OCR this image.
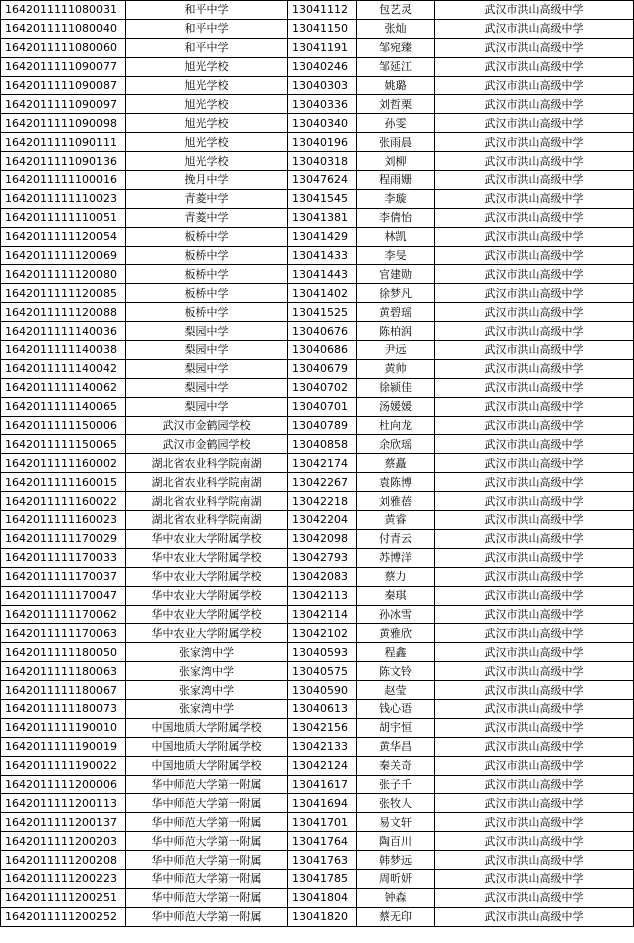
1642011111080031	和平中学	13041112	包艺灵	武汉市洪山高级中学
1642011111080040	和平中学	13041150	张灿	武汉市洪山高级中学
1642011111080060	和平中学	13041191	邹宛臻	武汉市洪山高级中学
1642011111090077	旭光学校	13040246	邹延江	武汉市洪山高级中学
1642011111090087	旭光学校	13040303	姚璐	武汉市洪山高级中学
1642011111090097	旭光学校	13040336	刘哲栗	武汉市洪山高级中学
1642011111090098	旭光学校	13040340	孙雯	武汉市洪山高级中学
1642011111090111	旭光学校	13040196	张雨晨	武汉市洪山高级中学
1642011111090136	旭光学校	13040318	刘柳	武汉市洪山高级中学
1642011111100016	挽月中学	13047624	程雨姗	武汉市洪山高级中学
1642011111110023	青菱中学	13041545	李璇	武汉市洪山高级中学
1642011111110051	青菱中学	13041381	李倩怡	武汉市洪山高级中学
1642011111120054	板桥中学	13041429	林凯	武汉市洪山高级中学
1642011111120069	板桥中学	13041433	李旻	武汉市洪山高级中学
1642011111120080	板桥中学	13041443	官建勋	武汉市洪山高级中学
1642011111120085	板桥中学	13041402	徐梦凡	武汉市洪山高级中学
1642011111120088	板桥中学	13041525	黄碧瑶	武汉市洪山高级中学
1642011111140036	梨园中学	13040676	陈柏润	武汉市洪山高级中学
1642011111140038	梨园中学	13040686	尹远	武汉市洪山高级中学
1642011111140042	梨园中学	13040679	黄帅	武汉市洪山高级中学
1642011111140062	梨园中学	13040702	徐颍佳	武汉市洪山高级中学
1642011111140065	梨园中学	13040701	汤媛媛	武汉市洪山高级中学
1642011111150006	武汉市金鹤园学校	13040789	杜向龙	武汉市洪山高级中学
1642011111150065	武汉市金鹤园学校	13040858	余欣瑶	武汉市洪山高级中学
1642011111160002	湖北省农业科学院南湖	13042174	蔡矗	武汉市洪山高级中学
1642011111160015	湖北省农业科学院南湖	13042267	袁陈博	武汉市洪山高级中学
1642011111160022	湖北省农业科学院南湖	13042218	刘雅蓓	武汉市洪山高级中学
1642011111160023	湖北省农业科学院南湖	13042204	黄睿	武汉市洪山高级中学
1642011111170029	华中农业大学附属学校	13042098	付青云	武汉市洪山高级中学
1642011111170033	华中农业大学附属学校	13042793	苏博洋	武汉市洪山高级中学
1642011111170037	华中农业大学附属学校	13042083	蔡力	武汉市洪山高级中学
1642011111170047	华中农业大学附属学校	13042113	秦琪	武汉市洪山高级中学
1642011111170062	华中农业大学附属学校	13042114	孙冰雪	武汉市洪山高级中学
1642011111170063	华中农业大学附属学校	13042102	黄雅欣	武汉市洪山高级中学
1642011111180050	张家湾中学	13040593	程鑫	武汉市洪山高级中学
1642011111180063	张家湾中学	13040575	陈文铃	武汉市洪山高级中学
1642011111180067	张家湾中学	13040590	赵莹	武汉市洪山高级中学
1642011111180073	张家湾中学	13040613	钱心语	武汉市洪山高级中学
1642011111190010	中国地质大学附属学校	13042156	胡宇恒	武汉市洪山高级中学
1642011111190019	中国地质大学附属学校	13042133	黄华昌	武汉市洪山高级中学
1642011111190022	中国地质大学附属学校	13042124	秦关奇	武汉市洪山高级中学
1642011111200006	华中师范大学第一附属	13041617	张子千	武汉市洪山高级中学
1642011111200113	华中师范大学第一附属	13041694	张牧人	武汉市洪山高级中学
1642011111200137	华中师范大学第一附属	13041701	易文轩	武汉市洪山高级中学
1642011111200203	华中师范大学第一附属	13041764	陶百川	武汉市洪山高级中学
1642011111200208	华中师范大学第一附属	13041763	韩梦远	武汉市洪山高级中学
1642011111200223	华中师范大学第一附属	13041785	周昕妍	武汉市洪山高级中学
1642011111200251	华中师范大学第一附属	13041804	钟森	武汉市洪山高级中学
1642011111200252	华中师范大学第一附属	13041820	蔡无印	武汉市洪山高级中学
